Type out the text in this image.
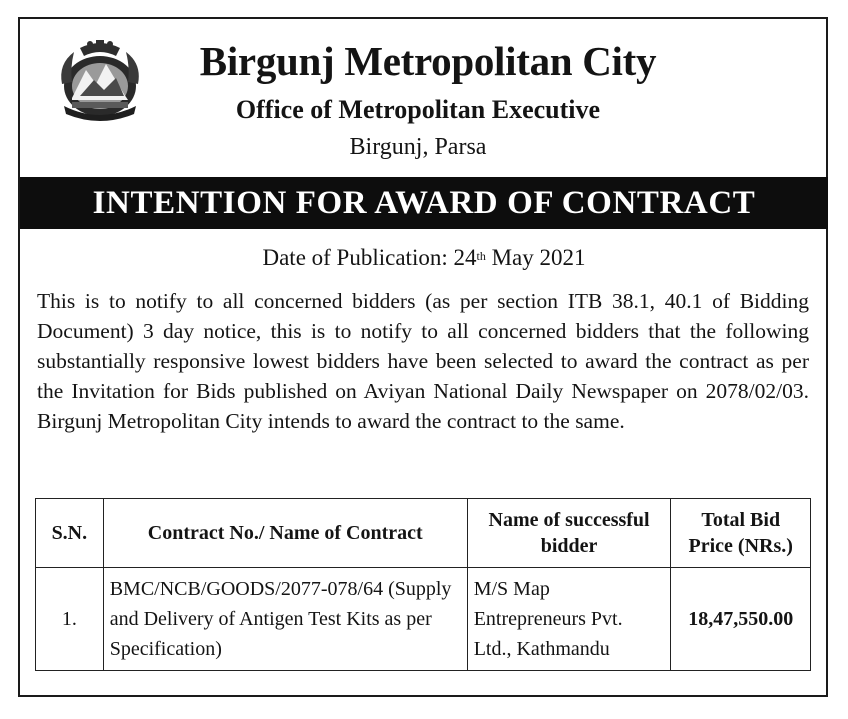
Birgunj Metropolitan City
Office of Metropolitan Executive
Birgunj, Parsa
INTENTION FOR AWARD OF CONTRACT
Date of Publication: 24th May 2021
This is to notify to all concerned bidders (as per section ITB 38.1, 40.1 of Bidding Document) 3 day notice, this is to notify to all concerned bidders that the following substantially responsive lowest bidders have been selected to award the contract as per the Invitation for Bids published on Aviyan National Daily Newspaper on 2078/02/03. Birgunj Metropolitan City intends to award the contract to the same.
S.N.	Contract No./ Name of Contract	Name of successful bidder	Total Bid Price (NRs.)
1.	BMC/NCB/GOODS/2077-078/64 (Supply and Delivery of Antigen Test Kits as per Specification)	M/S Map Entrepreneurs Pvt. Ltd., Kathmandu	18,47,550.00
